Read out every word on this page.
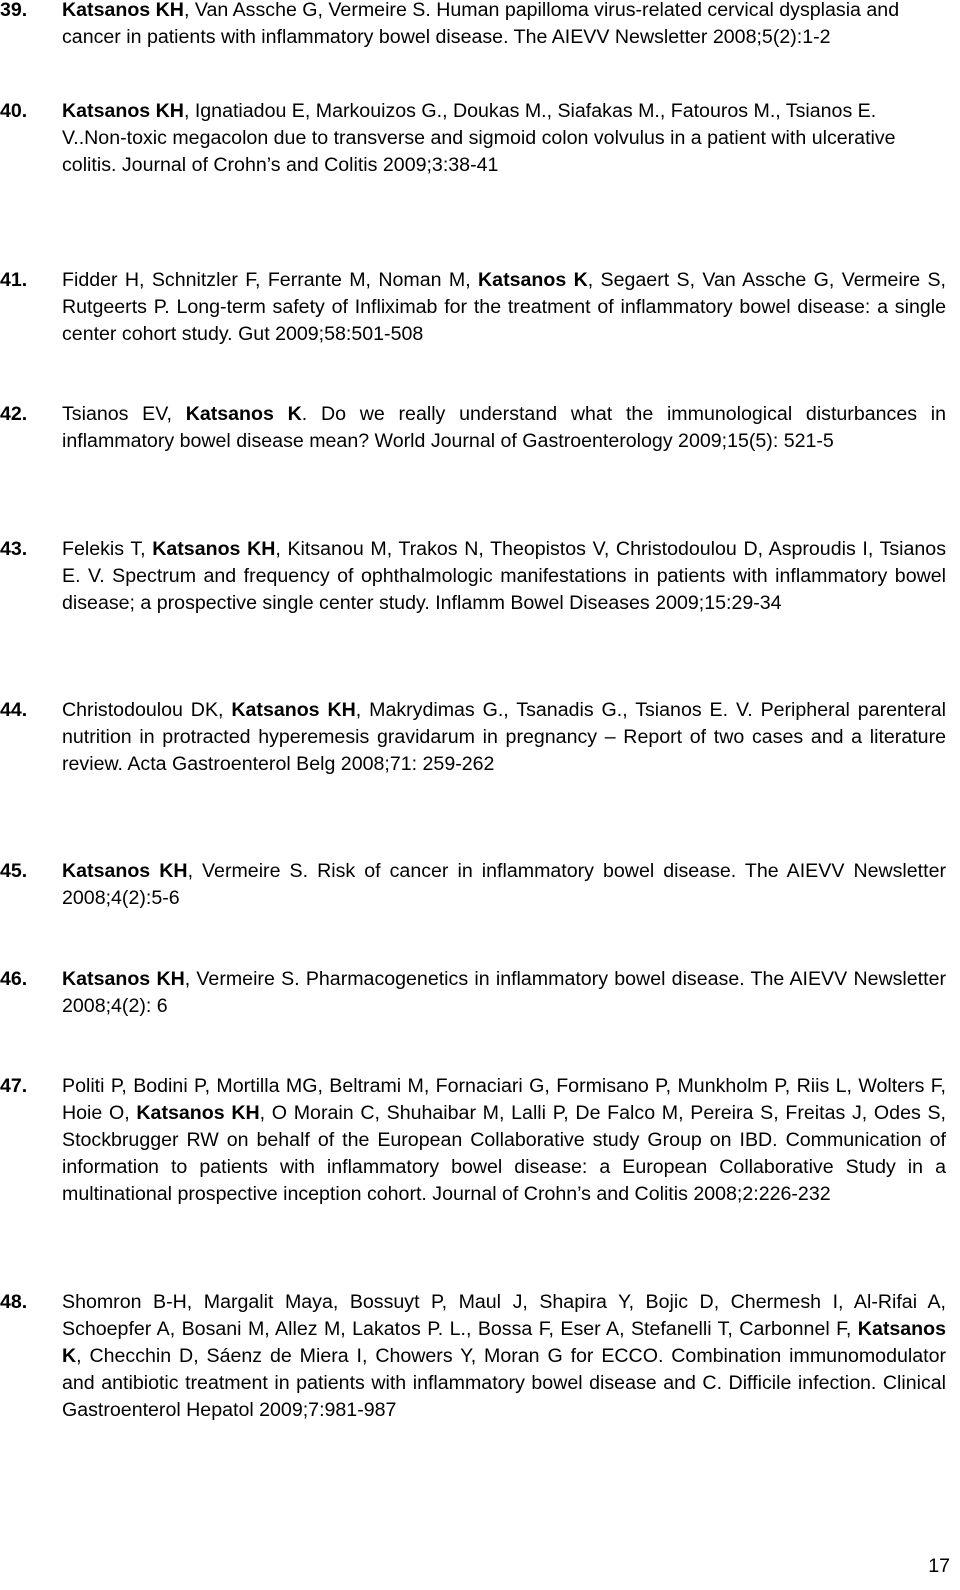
39.	Katsanos KH, Van Assche G, Vermeire S. Human papilloma virus-related cervical dysplasia and cancer in patients with inflammatory bowel disease. The AIEVV Newsletter 2008;5(2):1-2
40.	Katsanos KH, Ignatiadou E, Markouizos G., Doukas M., Siafakas M., Fatouros M., Tsianos E. V..Non-toxic megacolon due to transverse and sigmoid colon volvulus in a patient with ulcerative colitis. Journal of Crohn’s and Colitis 2009;3:38-41
41.	Fidder H, Schnitzler F, Ferrante M, Noman M, Katsanos K, Segaert S, Van Assche G, Vermeire S, Rutgeerts P. Long-term safety of Infliximab for the treatment of inflammatory bowel disease: a single center cohort study. Gut 2009;58:501-508
42.	Tsianos EV, Katsanos K. Do we really understand what the immunological disturbances in inflammatory bowel disease mean? World Journal of Gastroenterology 2009;15(5): 521-5
43.	Felekis T, Katsanos KH, Kitsanou M, Trakos N, Theopistos V, Christodoulou D, Asproudis I, Tsianos E. V. Spectrum and frequency of ophthalmologic manifestations in patients with inflammatory bowel disease; a prospective single center study. Inflamm Bowel Diseases 2009;15:29-34
44.	Christodoulou DK, Katsanos KH, Makrydimas G., Tsanadis G., Tsianos E. V. Peripheral parenteral nutrition in protracted hyperemesis gravidarum in pregnancy – Report of two cases and a literature review. Acta Gastroenterol Belg 2008;71: 259-262
45.	Katsanos KH, Vermeire S. Risk of cancer in inflammatory bowel disease. The AIEVV Newsletter 2008;4(2):5-6
46.	Katsanos KH, Vermeire S. Pharmacogenetics in inflammatory bowel disease. The AIEVV Newsletter 2008;4(2): 6
47.	Politi P, Bodini P, Mortilla MG, Beltrami M, Fornaciari G, Formisano P, Munkholm P, Riis L, Wolters F, Hoie O, Katsanos KH, O Morain C, Shuhaibar M, Lalli P, De Falco M, Pereira S, Freitas J, Odes S, Stockbrugger RW on behalf of the European Collaborative study Group on IBD. Communication of information to patients with inflammatory bowel disease: a European Collaborative Study in a multinational prospective inception cohort. Journal of Crohn’s and Colitis 2008;2:226-232
48.	Shomron B-H, Margalit Maya, Bossuyt P, Maul J, Shapira Y, Bojic D, Chermesh I, Al-Rifai A, Schoepfer A, Bosani M, Allez M, Lakatos P. L., Bossa F, Eser A, Stefanelli T, Carbonnel F, Katsanos K, Checchin D, Sáenz de Miera I, Chowers Y, Moran G for ECCO. Combination immunomodulator and antibiotic treatment in patients with inflammatory bowel disease and C. Difficile infection. Clinical Gastroenterol Hepatol 2009;7:981-987
17
